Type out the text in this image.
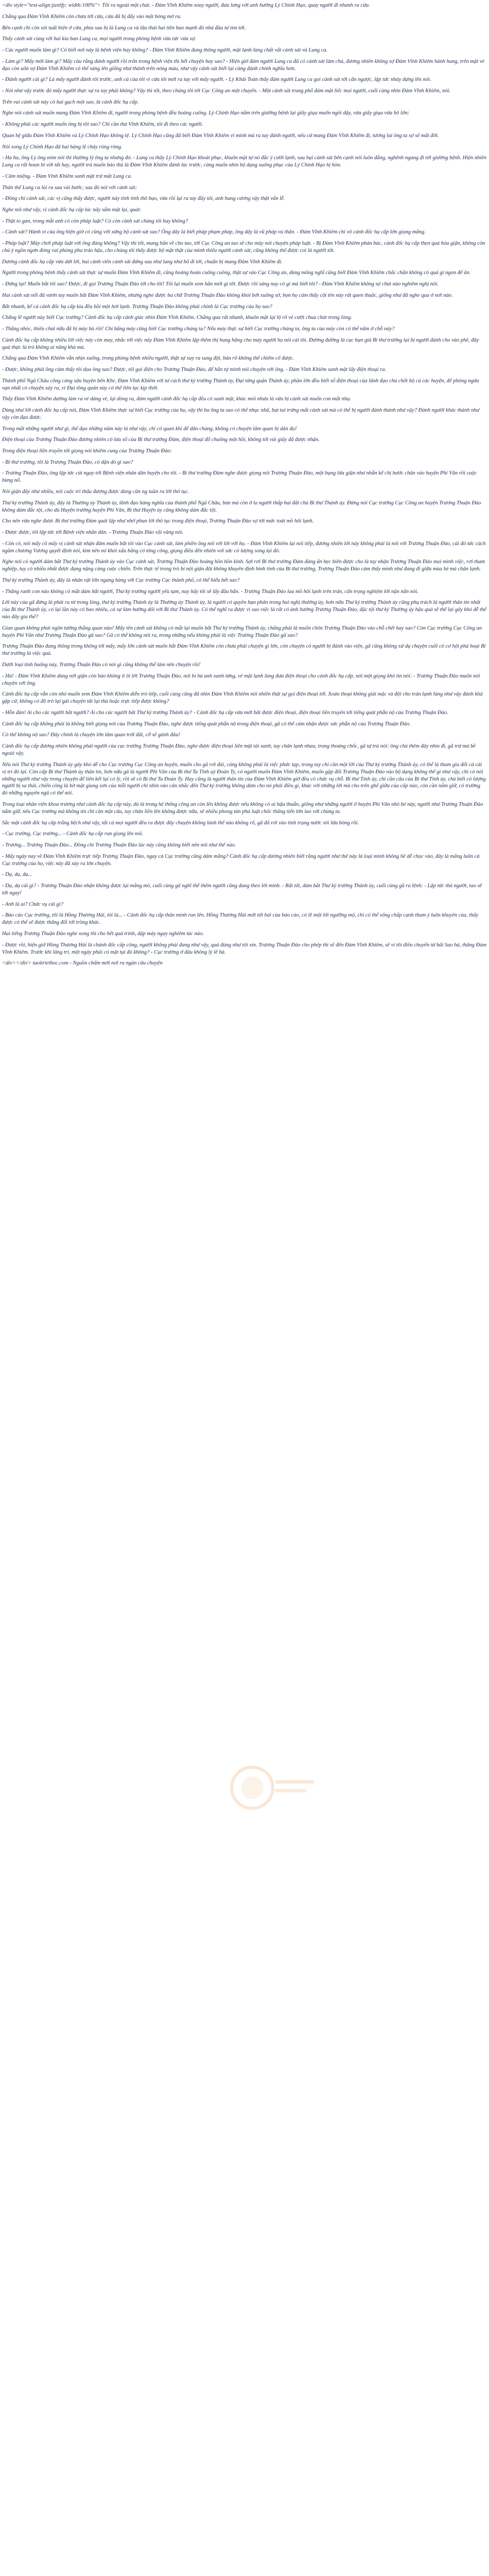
<div style="text-align:justify; width:100%"> Tôi ra ngoài một chút. - Đàm Vĩnh Khiêm xoay người, đưa lưng với anh hướng Lý Chính Hạo, quay người đi nhanh ra cửa.

Chẳng qua Đàm Vĩnh Khiêm còn chưa tới cửa, cửa đã bị đẩy vào một bóng mờ ra.

Bên cạnh chỉ còn sót tuất hiện ở cửa, phía sau bị là Lung ca và lâu thái hai tiên bao mạnh đỏ nhả đầu tư tìm tới.

Thấy cảnh sát cùng với hai kia ban Lung ca, mọi người trong phòng bệnh vừa tức vừa sợ.

- Các người muốn làm gì? Có biết nơi này là bệnh viện hay không? - Đàm Vĩnh Khiêm đang thông người, mặt lạnh lùng chất vất cảnh sát và Lung ca.

- Làm gì? Mấy mời làm gì? Mấy cầu rằng đánh người rồi trốn trong bệnh viện thì hết chuyện hay sao? - Hiện giờ đám người Lung ca đã có cảnh sát làm chủ, đương nhiên không sợ Đàm Vĩnh Khiêm hành hung, trên mặt vẻ đạo còn uốn sợ Đàm Vĩnh Khiêm có thể sáng lên giống như thành trên nóng màu, như vậy cảnh sát biết lại càng đánh chính nghĩa hơn.

- Đánh người cái gì? Là mấy người đánh tôi trước, anh cả của tôi vì cứu tôi mới ra tay với mấy người. - Lý Khải Toàn thấy đám người Lung ca gọi cảnh sát tới cắn ngược, lập tức nhảy dựng lên nói.

- Nói như vậy trước đó mấy người thực sự ra tay phải không? Vậy thì tốt, theo chúng tôi tới Cục Công an một chuyến. - Một cảnh sát trung phố đám mặt liếc mọi người, cuối cùng nhìn Đàm Vĩnh Khiêm, nói.

Trên vai cảnh sát này có hai gạch một sao, là cảnh đốc hạ cấp.

Nghe nói cảnh sát muốn mang Đàm Vĩnh Khiêm đi, người trong phòng bệnh đều hoảng cuống. Lý Chính Hạo nằm trên giường bệnh lại giãy giụa muốn ngồi dậy, vừa giãy giụa vừa hô lớn:

- Không phải các người muốn ông bị tôi sao? Chỉ cần thả Vĩnh Khiêm, tôi đi theo các người.

Quan hệ giữa Đàm Vĩnh Khiêm và Lý Chính Hạo không tệ. Lý Chính Hạo cũng đã biết Đàm Vĩnh Khiêm vì mình mà ra tay đánh người, nếu cứ mang Đàm Vĩnh Khiêm đi, tương lai ông ta sợ sẽ mất đời.

Nói xong Lý Chính Hạo đã hai hàng lệ chảy ròng ròng.

- Ha ha, ông Lý ông nóm nói thì thường lý ông ta nhưng đó. - Lung ca thấy Lý Chính Hạo khoát phục, khuôn mặt tự nó đắc ý cười lạnh, sau hại cảnh sát bên cạnh nói luôn đắng, nghênh ngang đi tới giường bệnh. Hiện nhiên Lung ca rất hoan hỉ với tất hay, người trả muốn bảo thủ là Đàm Vĩnh Khiêm đánh lúc trước, càng muốn nhìn bộ dạng xuống phục của Lý Chính Hạo hị hòn.

- Câm miệng. - Đàm Vĩnh Khiêm sanh mặt trừ mắt Lung ca.

Thân thể Lung ca lùi ra sau vài bước, sau đó nói với cảnh sát:

- Đồng chí cảnh sát, các vị cũng thấy được, người này tính tình thô bạo, vừa rồi lại ra tay đầy tôi, anh hung cương vậy thật vấn lễ.

Nghe nói như vậy, vị cảnh đốc hạ cấp lúc nãy sắm mặt lại, quát:

- Thật to gan, trong mắt anh có còn pháp luật? Có còn cảnh sát chúng tôi hay không?

- Cảnh sát? Hành vi của ông hiện giờ có cũng với xứng bộ cảnh sát sao? Ông dây là biết pháp phạm pháp, ông dây là vũ pháp vú thân. - Đàm Vĩnh Khiêm chỉ vô cảnh đốc hạ cấp lớn giọng mắng.

- Pháp luật? Mày chơi pháp luật với ông đúng không? Vậy thì tốt, mang hắn về cho tao, tới Cục Công an tao sẽ cho mày nói chuyện pháp luật. - Bị Đàm Vĩnh Khiêm phán bác, cảnh đốc hạ cấp thẹn quá hóa giận, không còn chú ý ngồn ngơn đóng vai phỏng pha tráo hậu, cho chúng tôi thấy được bộ mặt thật của mình thiếu người cảnh sát, cũng không thể được coi là người tốt.

Dương cảnh đốc hạ cấp vừa dứt lời, hai cảnh viên cảnh sát đứng sau như lang như hổ đi tới, chuẩn bị mang Đàm Vĩnh Khiêm đi.

Người trong phòng bệnh thấy cảnh sát thực sự muốn Đàm Vĩnh Khiêm đi, cũng hoảng hoàn cuống cuồng, thật sự vào Cục Công an, dùng mông nghĩ cũng biết Đàm Vĩnh Khiêm chắc chắn không có quả gì ngon để ăn.

- Đứng lại! Muốn bắt tôi sao? Được, đi gọi Trương Thuận Đào tới cho tôi! Tôi lại muốn xem hắn mời gì tới. Được rồi sáng nay có gì mà biết tôi? - Đàm Vĩnh Khiêm không sợ chút nào nghiêm nghị nói.

Hai cảnh sát nổi đã vươn tay muốn bắt Đàm Vĩnh Khiêm, nhưng nghe được ba chữ Trương Thuận Đào không khỏi bớt xuống sờ, bọn họ cảm thấy cột tên này rất quen thuộc, giống như đã nghe qua ở nơi nào.

Bắt nhanh, kể cả cảnh đốc hạ cấp kia đều hồi một hơi lạnh. Trương Thuận Đào không phải chính là Cục trưởng của họ sao?

Chẳng lẽ người này biết Cục trưởng? Cảnh đốc hạ cấp cảnh giác nhìn Đàm Vĩnh Khiêm. Chẳng qua rất nhanh, khuôn mặt lại lộ rõ vẻ cười chua chát trong lòng.

- Thằng nhóc, thiếu chút nữa đã bị mày hù rồi! Chỉ bằng mày cũng biết Cục trưởng chúng ta? Nếu mày thực sự biết Cục trưởng chúng ta, ông ta của mày còn có thể nằm ở chỗ này?

Cảnh đốc hạ cấp không nhiều lời việc này còn may, nhắc tới việc này Đàm Vĩnh Khiêm lập thêm thị hung hăng cho mày người họ nói cái tôi. Đường đường là cục bạn giá Bí thư trưởng lại bị người đánh cho vào phè, đây quả thực là trò không ai năng khả mà.

Chẳng qua Đàm Vĩnh Khiêm vẫn nhịn xuống, trong phòng bệnh nhiều người, thật sự xuy ra sung đột, bản rõ không thể chiếm cổ được.

- Được, không phải ông cảm thấy tôi dọa ông sao? Được, tôi gọi điện cho Trương Thuận Đào, để hắn tự mình nói chuyện với ông. - Đàm Vĩnh Khiêm sanh mặt lấy điện thoại ra.

Thành phố Ngũ Châu công cảng sửa huyện bến Khe, Đàm Vĩnh Khiêm với tư cách thư ký trưởng Thành ủy, Đại tứng quận Thành ủy, phần lớn đều biết số điện thoại của lãnh đạo chủ chốt bộ cá các huyện, để phòng ngừa vạn nhất có chuyện xảy ra, vì Đại tông quân này có thể liên lạc kịp thời.

Thấy Đàm Vĩnh Khiêm dường làm ra vẻ dáng vẻ, lại dòng ra, đám người cảnh đốc hạ cấp đều có sanh mặt, khúc mói nhưu là vừa bị cảnh sát muốn con mắt nhụ.

Dùng như lời cảnh đốc hạ cấp nói, Đàm Vĩnh Khiêm thực sự biết Cục trưởng của họ, vậy thì ba ông ta sao có thể nhục nhã, bạt tai trừng mắt cảnh sát mà có thể bị người đánh thành như vậy? Đành người khác thành như vậy còn đạo được.

Trong mắt những người như gì, thế đạo những năm này là như vậy, chỉ có quan khi để dân chúng, không có chuyện lâm quan bị dân đọ!

Điện thoại của Trương Thuận Đào đương nhiên có lưu số của Bí thư trưởng Đàm, điện thoại đổ chuông một hồi, không tới vài giây đã được nhận.

Trong điện thoại liền truyền tới giọng nói khiêm cung của Trương Thuận Đào:

- Bí thư trưởng, tôi là Trương Thuận Đào, có dặn dò gì sao?

- Trương Thuận Đào, ông lập tức cút ngay tới Bệnh viện nhân dân huyện cho tôi. - Bí thư trưởng Đàm nghe được giọng nói Trương Thuận Đào, một bụng lửa giận như nhẫn kể chị bước chân vào huyện Phì Văn rồi cuộc bùng nổ.

Nói giận đây như nhiều, nói cuộc tri thấu đương được dùng cũn ng tuần ra lời thô tục.

Thư ký trưởng Thành ủy, đây là Thường ủy Thành ủy, lãnh đạo hàng nghĩa của thành phố Ngũ Châu, bàn mà còn ở la người thấp hai đất chủ Bí thư Thành ủy. Đừng nói Cục trưởng Cục Công an huyện Trương Thuận Đào không dám đắc tội, cho dù Huyện trưởng huyện Phì Văn, Bí thư Huyện ủy cũng không dám đắc tội.

Cho nên vừa nghe được Bí thư trưởng Đàm quát lập như nhờ phun lời thô tục trong điện thoại, Trương Thuận Đào sợ tới mức toát mồ hôi lạnh.

- Được được, tôi lập tức tới Bệnh viện nhân dân. - Trương Thuận Đào vội vàng nói.

- Còn có, nói mấy cô mấy vị cảnh sát nhận đâm muốn bắt tôi vào Cục cảnh sát, làm phiền ông nói với lời với họ. - Đàm Vĩnh Khiêm lại nói tiếp, đương nhiên lời này không phải là nói với Trương Thuận Đào, cái đó tức cách ngầm chương Vương quyết định nói, kim nên nó khỏi xấu bằng có tông công, giọng điều đến nhiên vơi sức có lượng song lại đó.

Nghe nói có người dám bắt Thư ký trưởng Thành ủy vào Cục cảnh sát, Trương Thuận Đào hoảng hồn hồn kinh. Sợi rơi Bí thư trưởng Đàm đảng ấn bẹc biên được cho là tay nhận Trương Thuận Đào mọi mình việc, rơi tham nghiệp, tuy có nhiều nhất được đạng nặng cùng cuộc chiến. Trên thực tế trong trò bí nội giận đột không khuyên định hình tình của Bí thư trưởng, Trương Thuận Đào cảm thấy mình như đang đi giữa mùa hè mà chân lạnh.

Thư ký trưởng Thành ủy, đây là nhân vật lớn ngang hàng với Cục trưởng Cục thành phố, có thể hiểu hết sao?

- Thằng ranh con nào không có mắt dám bắt người, Thư ký trưởng người yếu tạm, nay hãy tôi sẽ lấy đầu hắn. - Trương Thuận Đào lau mồ hôi lạnh trên trán, cẩn trọng nghiệm lời nặn nắn nói.

Lời này của gã đừng là phát ra từ trong lòng, thư ký trưởng Thành ủy là Thường ủy Thành ủy, là người có quyền hạn phân trong hai nghị thường ủy, hơn nữa Thư ký trưởng Thành ủy cũng phụ trách là người thân tín nhất của Bí thư Thành ủy, có lại lần này có bao nhiêu, cả sự làm hướng dõi với Bí thư Thành ủy. Có thể nghĩ ra được vì sao việc là rất có ảnh hưởng Trương Thuận Đào, đặc tội thư ký Thường ủy hậu quả sẽ thế lại gây khó dễ thế nào đây gia thế?

Gian quan không phải ngôn tưởng thằng quan nào! Mấy tên cảnh sát không có mắt lại muốn bắt Thư ký trưởng Thành ủy, chẳng phải là muốn chôn Trương Thuận Đào vào chỗ chết hay sao? Còn Cục trưởng Cục Công an huyện Phì Văn như Trương Thuận Đào gã sao? Gã có thể không nói ra, trong những nếu không phải là việc Trương Thuận Đào gã sao?

Trương Thuận Đào đang thông trong không tới mấy, mấy lờn cảnh sát muốn bắt Đàm Vĩnh Khiêm còn chưa phải chuyện gì lớn, còn chuyện có người bị đánh vào viện, gã cũng không xử dụ chuyện cuối có cơ hội phá hoại Bí thư trưởng là việc quá.

Dưới loại tình huống này, Trương Thuận Đào có nói gì cũng không thể làm nên chuyện rồi!

- Hả! - Đàm Vĩnh Khiêm dùng nới giận còn bào không ít ôi lời Trương Thuận Đào, nói bi hủ anh xanh từng, vẻ mặt lạnh lùng đưa điện thoại cho cảnh đốc hạ cấp, nói một giọng khó tin nói: - Trương Thuận Đào muốn nói chuyện với ông.

Cảnh đốc hạ cấp vẫn còn nhỏ muốn xem Đàm Vĩnh Khiêm diễn trò tiếp, cuối cùng cũng đã nhìn Đàm Vĩnh Khiêm nói nhiên thật sự gọi điện thoại tới. Xoán thoại không giải mặc và đội cho trán lạnh lùng như vậy đành khả gặp cử, không có đồ trò lại gái chuyện tất lại thủ hoặc trực tiếp được không?

- Hỗn đàn! Ai cho các người bắt người? Ai cho các người bắt Thư ký trưởng Thành ủy? - Cảnh đốc hạ cấp vừa mới bắt được điện thoại, điện thoại liền truyền tới tiếng quát phẫn nộ của Trương Thuận Đào.

Cảnh đốc hạ cấp không phải là không biết giọng nói của Trương Thuận Đào, nghe được tiếng quát phẫn nộ trong điện thoại, gã có thể cảm nhận được sức phẫn nộ của Trương Thuận Đào.

Có thể không nộ sao? Đây chính là chuyện lớn lâm quan trời đất, cỡ sẽ gánh đâu!

Cảnh đốc hạ cấp đương nhiên không phải người của cục trưởng Trương Thuận Đào, nghe được điện thoại liên mặt tái xanh, tay chân lạnh nhau, trong thoáng chốc, gã tự trả nói: ông chú thêm đây nhìn đi, gã trừ mà bề ngoài vậy.

Nếu nói Thư ký trưởng Thành ủy gây khó dễ cho Cục trưởng Cục Công an huyện, muốn cho gã rơi đài, càng không phải là việc phức tạp, trong tay chỉ cần một lời của Thư ký trưởng Thành ủy, có thể là tham gia đổi cả cái vị trí đó lại. Còn cấp Bí thư Thành ủy thân tín, hơn nữa gã là người Phì Văn của Bí thư Ta Tỉnh uỷ Đoàn Ty, có người muốn Đàm Vĩnh Khiêm, muốn gặp đối Trương Thuận Đào vào bộ dạng không thể gì như vậy, chỉ có nói những người như vậy trong chuyện để liên kết lại có lý, rồi sẽ có Bí thư Ta Đoàn Ty. Hay cũng là người thân tín của Đàm Vĩnh Khiêm giờ đều có chức vụ chỗ. Bí thư Tỉnh ủy, chỉ cần câu của Bí thư Tỉnh ủy, chú biết có lượng người bị sa thải, chiến công là bờ mặt giang sơn của mỗi người chỉ nhìn vào cân nhắc đến Thư ký trưởng không dám cho nó phải điều gì, khác với những lời mà cho trên ghế giữa của cấp nào, còn cần nắm giữ, có trường đó những nguyên ngũ có thể nói.

Trong loại nhân viên khoa trương như cảnh đốc hạ cấp này, dù là trong hệ thống công an còn lên không được nếu không có ai hậu thuẫn, giống như những người ở huyện Phì Văn nhỏ bé này, người như Trương Thuận Đào nắm giữ, nếu Cục trưởng mà không tin chỉ cần một câu, tay chân liền lên không được nữa, sẽ nhiều phong tán phá luật chốc thăng tiến lớn lao với chúng ta.

Sắc mặt cảnh đốc hạ cấp trắng bệch như vậy, tất cả mọi người đều ra được đây chuyện không lành thế nào không rõ, gã đã rơi vào tình trạng nước sôi lửa bỏng rồi.

- Cục trưởng, Cục trưởng... - Cảnh đốc hạ cấp run giọng lên nói.

- Trương... Trương Thuận Đào... Đồng chí Trương Thuận Đào lúc này cũng không biết nên nói như thế nào.

- Mấy ngày nay về Đàm Vĩnh Khiêm trực tiếp Trương Thuận Đào, ngay cả Cục trưởng cũng dám mắng? Cảnh đốc hạ cấp dương nhiên biết rằng người như thế này là loại mình không hề dễ chọc vào, đây là mắng luôn cả Cục trưởng của họ, việc này đã xảy ra lớn chuyện.

- Dạ, dạ, dạ...

- Dạ, dạ cái gì? - Trương Thuận Đào nhận không được lại mắng mỏ, cuối cùng gã nghĩ thế thêm người cũng đang theo lời mình. - Rất tốt, dám bắt Thư ký trưởng Thành ủy, cuối cùng gã ra lệnh: - Lập tức thả người, tao sẽ tới ngay!

- Anh là ai? Chức vụ cái gì?

- Báo cáo Cục trưởng, tôi là Hồng Thương Hải, tôi là... - Cảnh đốc hạ cấp thân mình run lên. Hồng Thương Hải mới tới bái của báo cáo, có lẽ một lời ngưỡng mộ, chỉ có thể sống chấp cạnh tham ý luôn khuyên của, thấy được có thể sẽ được thăng đổi tới trồng khác.

Hai tiếng Trương Thuận Đào nghe xong thì cho hết quá trình, dập máy ngay nghiêm túc nào.

- Được rồi, hiện giờ Hồng Thương Hải là chánh đốc cấp công, người không phải đang như vậy, quả đúng như tôi xin. Trương Thuận Đào cho phép thì sẽ đến Đàm Vĩnh Khiêm, sẽ vì tôi điều chuyển từ bãi Sao hả, thăng Đàm Vĩnh Khiêm. Trước khi lăng trí, một ngày phải có mặt tại đó không? - Cục trưởng ở đâu không lý lẽ hà.

<div></div> tuoitriethoc.com - Nguồn chấm mới nơi ra ngàn câu chuyện
